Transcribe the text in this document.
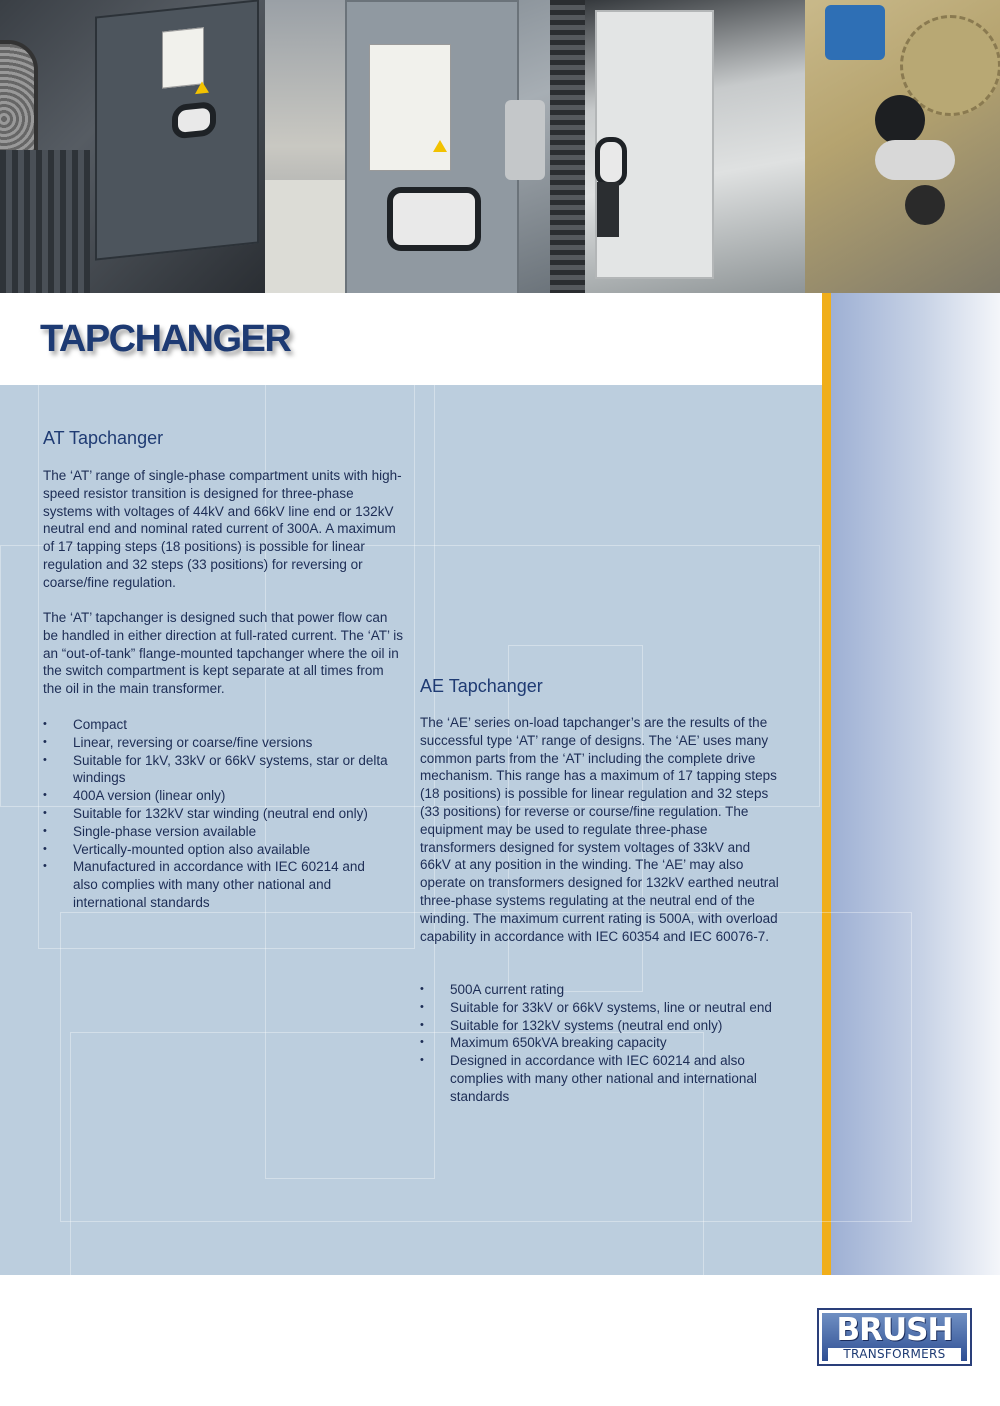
TAPCHANGER
AT Tapchanger

The ‘AT’ range of single-phase compartment units with high-speed resistor transition is designed for three-phase systems with voltages of 44kV and 66kV line end or 132kV neutral end and nominal rated current of 300A. A maximum of 17 tapping steps (18 positions) is possible for linear regulation and 32 steps (33 positions) for reversing or coarse/fine regulation.

The ‘AT’ tapchanger is designed such that power flow can be handled in either direction at full-rated current. The ‘AT’ is an “out-of-tank” flange-mounted tapchanger where the oil in the switch compartment is kept separate at all times from the oil in the main transformer.

• Compact
• Linear, reversing or coarse/fine versions
• Suitable for 1kV, 33kV or 66kV systems, star or delta windings
• 400A version (linear only)
• Suitable for 132kV star winding (neutral end only)
• Single-phase version available
• Vertically-mounted option also available
• Manufactured in accordance with IEC 60214 and also complies with many other national and international standards
AE Tapchanger

The ‘AE’ series on-load tapchanger’s are the results of the successful type ‘AT’ range of designs. The ‘AE’ uses many common parts from the ‘AT’ including the complete drive mechanism. This range has a maximum of 17 tapping steps (18 positions) is possible for linear regulation and 32 steps (33 positions) for reverse or course/fine regulation. The equipment may be used to regulate three-phase transformers designed for system voltages of 33kV and 66kV at any position in the winding. The ‘AE’ may also operate on transformers designed for 132kV earthed neutral three-phase systems regulating at the neutral end of the winding. The maximum current rating is 500A, with overload capability in accordance with IEC 60354 and IEC 60076-7.

• 500A current rating
• Suitable for 33kV or 66kV systems, line or neutral end
• Suitable for 132kV systems (neutral end only)
• Maximum 650kVA breaking capacity
• Designed in accordance with IEC 60214 and also complies with many other national and international standards
BRUSH
TRANSFORMERS
